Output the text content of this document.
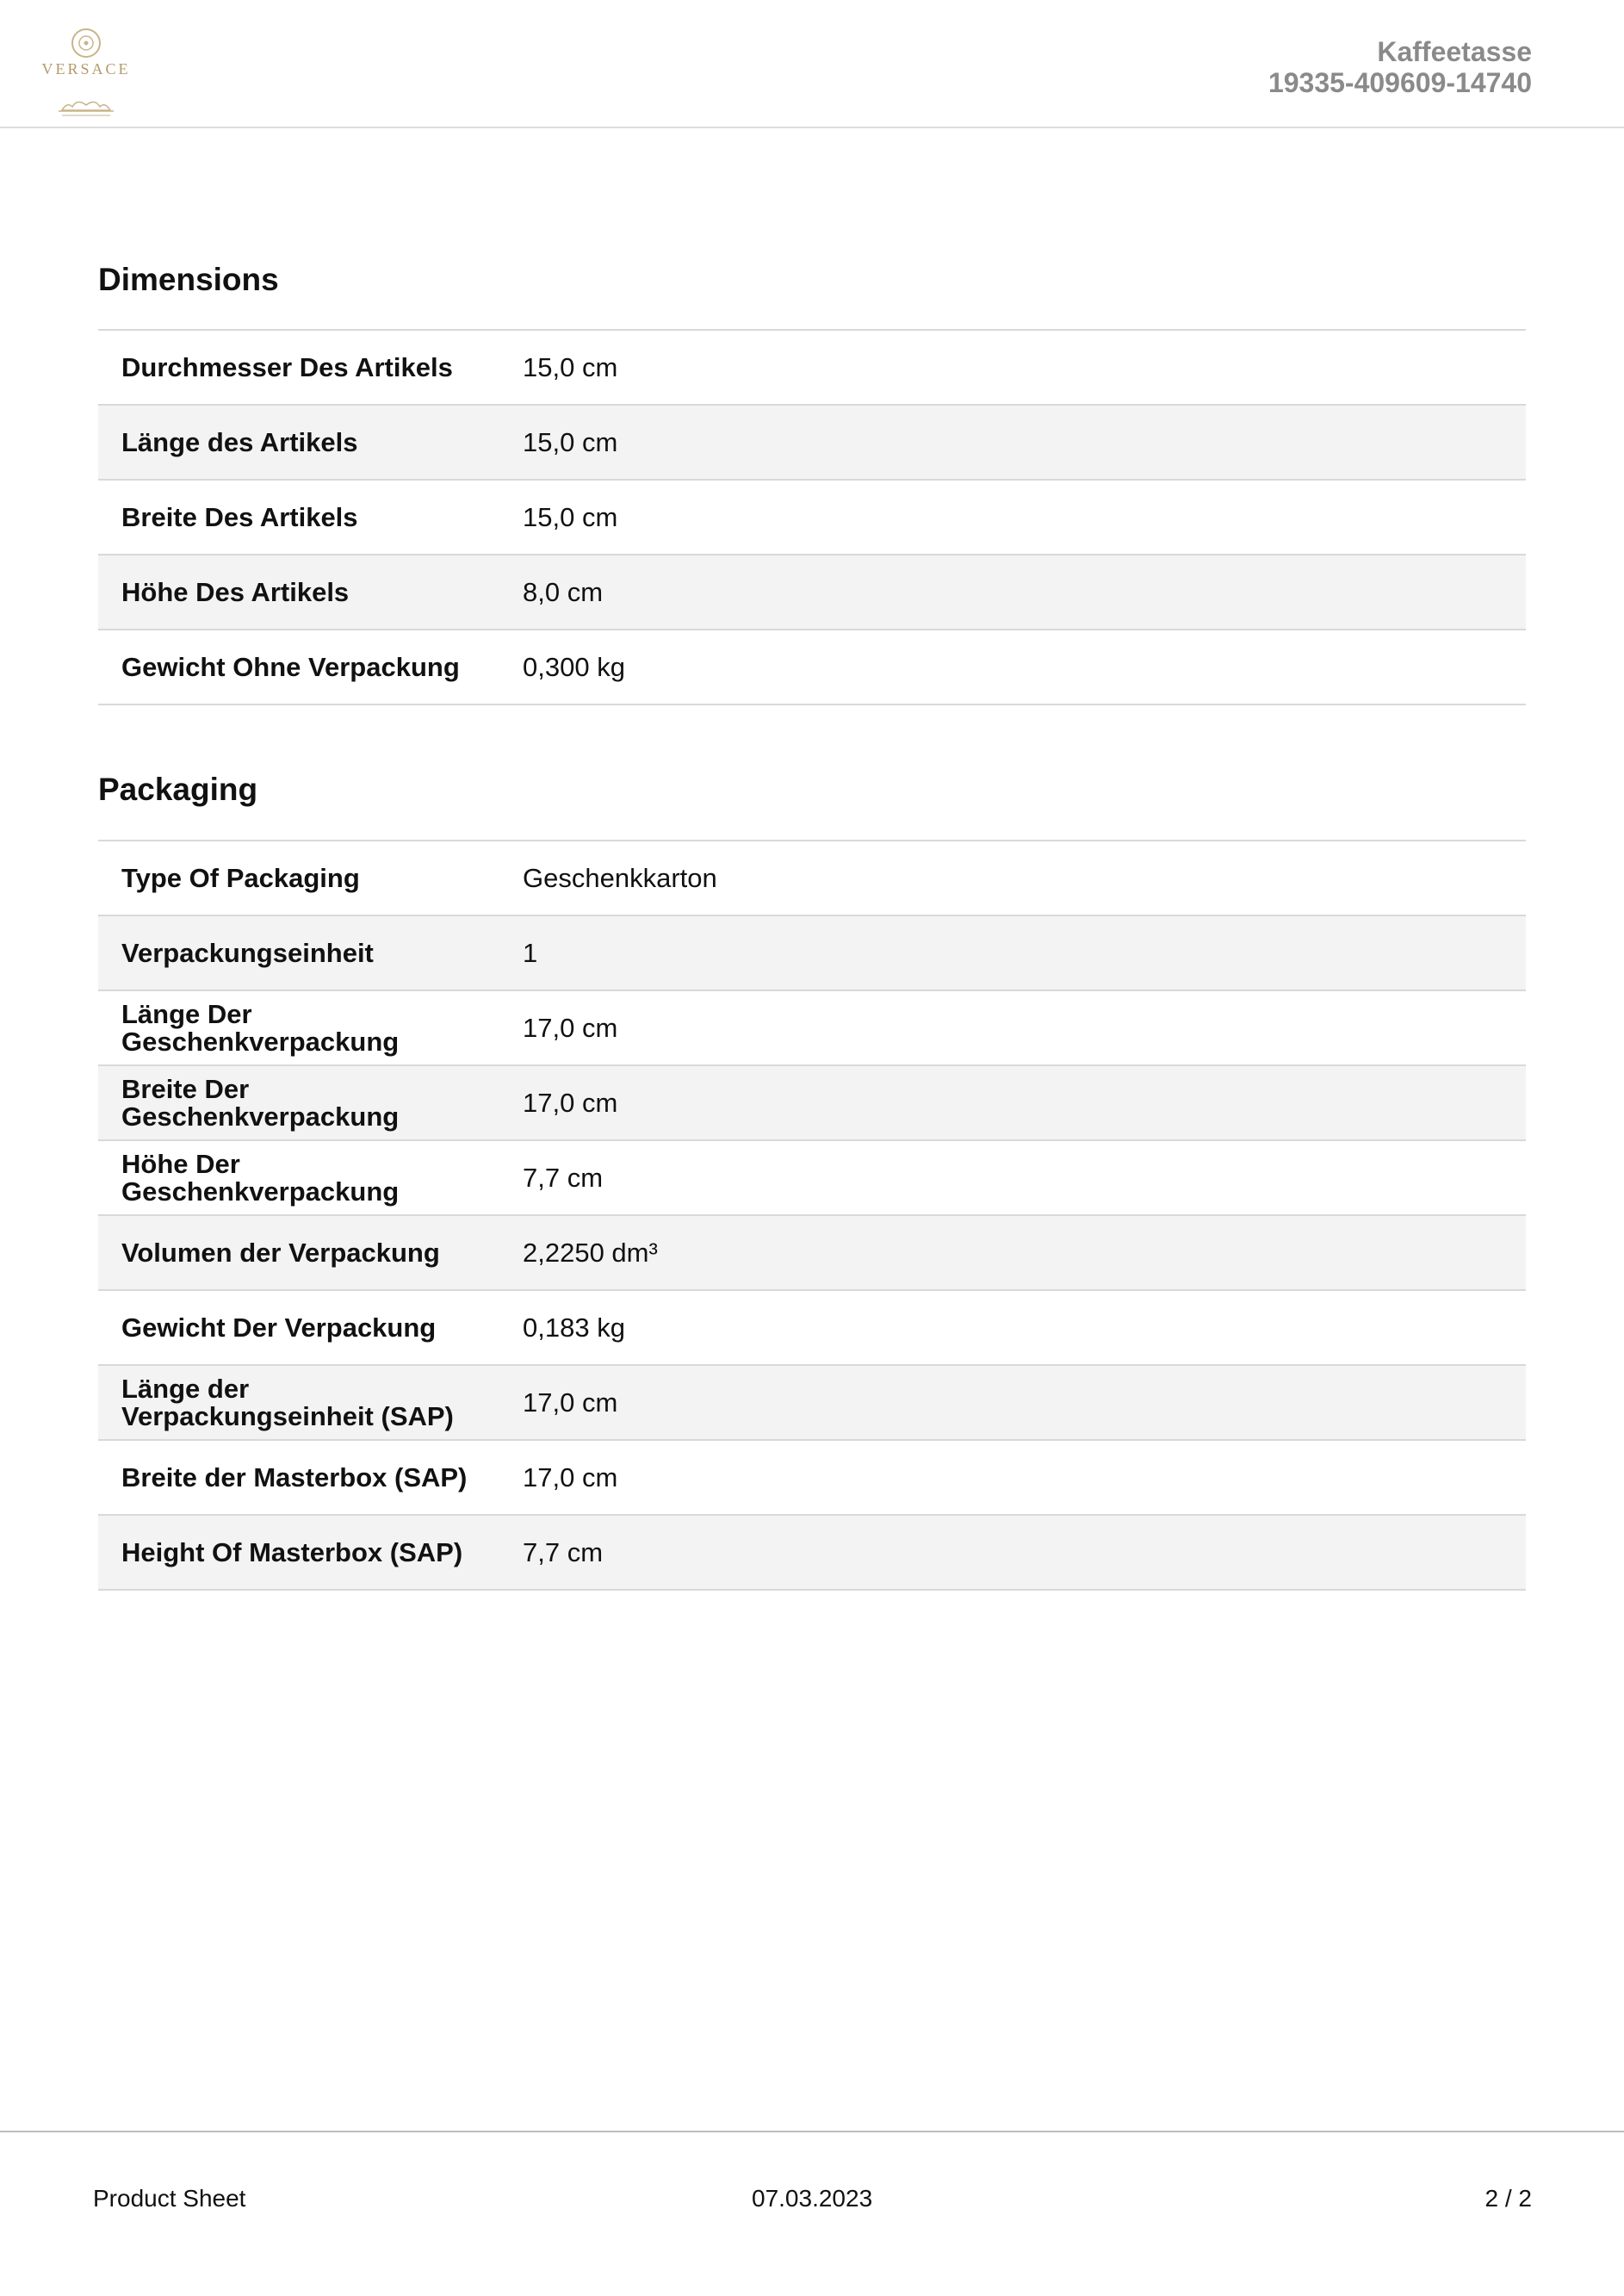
VERSACE
Kaffeetasse
19335-409609-14740
Dimensions
Durchmesser Des Artikels	15,0 cm
Länge des Artikels	15,0 cm
Breite Des Artikels	15,0 cm
Höhe Des Artikels	8,0 cm
Gewicht Ohne Verpackung	0,300 kg
Packaging
Type Of Packaging	Geschenkkarton
Verpackungseinheit	1
Länge Der Geschenkverpackung	17,0 cm
Breite Der Geschenkverpackung	17,0 cm
Höhe Der Geschenkverpackung	7,7 cm
Volumen der Verpackung	2,2250 dm³
Gewicht Der Verpackung	0,183 kg
Länge der Verpackungseinheit (SAP)	17,0 cm
Breite der Masterbox (SAP)	17,0 cm
Height Of Masterbox (SAP)	7,7 cm
Product Sheet	07.03.2023	2 / 2
